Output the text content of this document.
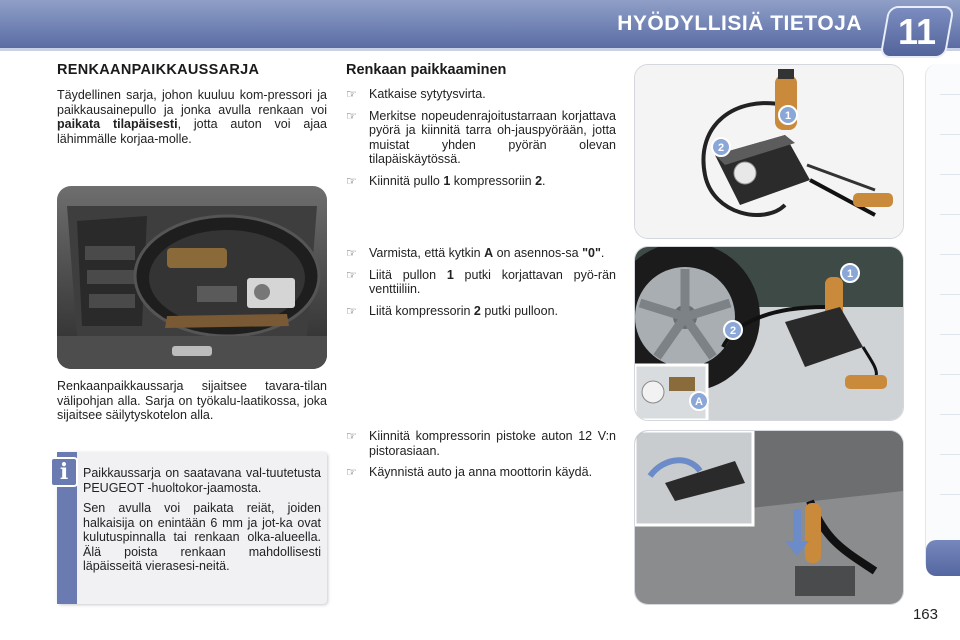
HYÖDYLLISIÄ TIETOJA 11
RENKAANPAIKKAUSSARJA

Täydellinen sarja, johon kuuluu kom-pressori ja paikkausainepullo ja jonka avulla renkaan voi paikata tilapäisesti, jotta auton voi ajaa lähimmälle korjaa-molle.

Renkaanpaikkaussarja sijaitsee tavara-tilan välipohjan alla. Sarja on työkalu-laatikossa, joka sijaitsee säilytyskotelon alla.

Paikkaussarja on saatavana val-tuutetusta PEUGEOT -huoltokor-jaamosta.

Sen avulla voi paikata reiät, joiden halkaisija on enintään 6 mm ja jot-ka ovat kulutuspinnalla tai renkaan olka-alueella. Älä poista renkaan mahdollisesti läpäisseitä vierasesi-neitä.

i
Renkaan paikkaaminen
☞ Katkaise sytytysvirta.

☞ Merkitse nopeudenrajoitustarraan korjattava pyörä ja kiinnitä tarra oh-jauspyörään, jotta muistat yhden pyörän olevan tilapäiskäytössä.

☞ Kiinnitä pullo 1 kompressoriin 2.

☞ Varmista, että kytkin A on asennos-sa "0".

☞ Liitä pullon 1 putki korjattavan pyö-rän venttiiliin.

☞ Liitä kompressorin 2 putki pulloon.

☞ Kiinnitä kompressorin pistoke auton 12 V:n pistorasiaan.

☞ Käynnistä auto ja anna moottorin käydä.

1
2
1
2
A
163
